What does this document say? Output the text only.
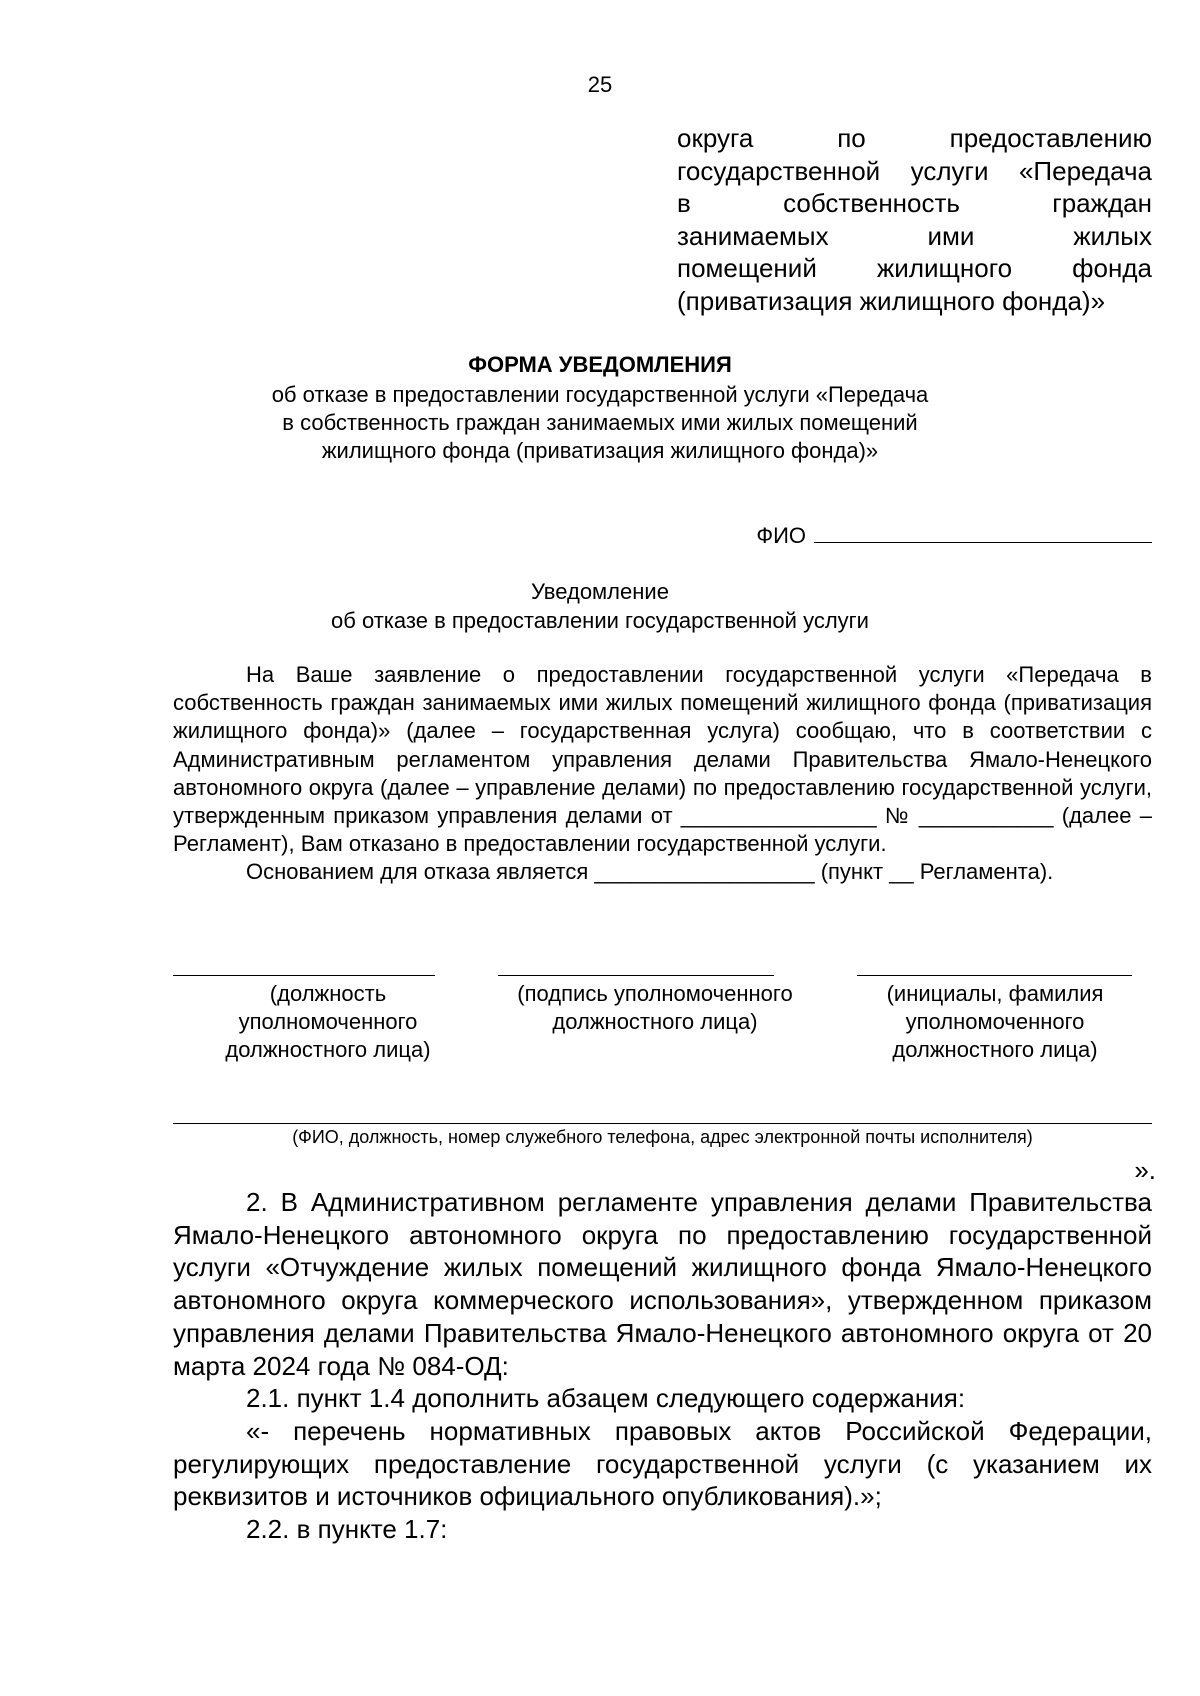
25
округа по предоставлению
государственной услуги «Передача
в собственность граждан
занимаемых ими жилых
помещений жилищного фонда
(приватизация жилищного фонда)»
ФОРМА УВЕДОМЛЕНИЯ
об отказе в предоставлении государственной услуги «Передача
в собственность граждан занимаемых ими жилых помещений
жилищного фонда (приватизация жилищного фонда)»
ФИО
Уведомление
об отказе в предоставлении государственной услуги

На Ваше заявление о предоставлении государственной услуги «Передача в собственность граждан занимаемых ими жилых помещений жилищного фонда (приватизация жилищного фонда)» (далее – государственная услуга) сообщаю, что в соответствии с Административным регламентом управления делами Правительства Ямало-Ненецкого автономного округа (далее – управление делами) по предоставлению государственной услуги, утвержденным приказом управления делами от ________________ № ___________ (далее – Регламент), Вам отказано в предоставлении государственной услуги.

Основанием для отказа является __________________ (пункт __ Регламента).

(должность
уполномоченного
должностного лица)
(подпись уполномоченного
должностного лица)
(инициалы, фамилия
уполномоченного
должностного лица)
(ФИО, должность, номер служебного телефона, адрес электронной почты исполнителя)
».

2. В Административном регламенте управления делами Правительства Ямало-Ненецкого автономного округа по предоставлению государственной услуги «Отчуждение жилых помещений жилищного фонда Ямало-Ненецкого автономного округа коммерческого использования», утвержденном приказом управления делами Правительства Ямало-Ненецкого автономного округа от 20 марта 2024 года № 084-ОД:

2.1. пункт 1.4 дополнить абзацем следующего содержания:

«- перечень нормативных правовых актов Российской Федерации, регулирующих предоставление государственной услуги (с указанием их реквизитов и источников официального опубликования).»;

2.2. в пункте 1.7:
